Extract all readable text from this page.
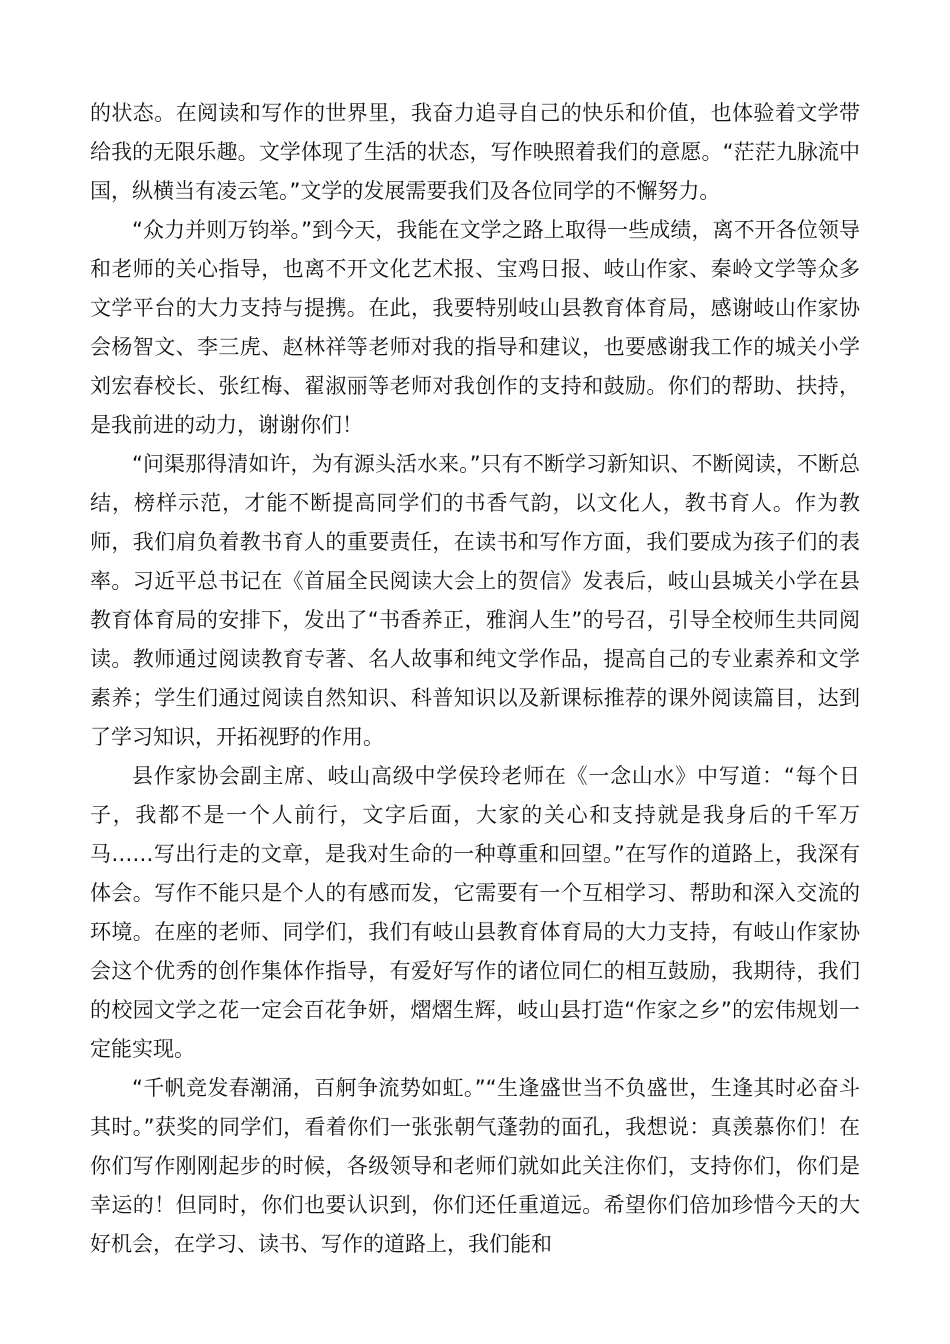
的状态。在阅读和写作的世界里，我奋力追寻自己的快乐和价值，也体验着文学带给我的无限乐趣。文学体现了生活的状态，写作映照着我们的意愿。“茫茫九脉流中国，纵横当有凌云笔。”文学的发展需要我们及各位同学的不懈努力。

“众力并则万钧举。”到今天，我能在文学之路上取得一些成绩，离不开各位领导和老师的关心指导，也离不开文化艺术报、宝鸡日报、岐山作家、秦岭文学等众多文学平台的大力支持与提携。在此，我要特别岐山县教育体育局，感谢岐山作家协会杨智文、李三虎、赵林祥等老师对我的指导和建议，也要感谢我工作的城关小学刘宏春校长、张红梅、翟淑丽等老师对我创作的支持和鼓励。你们的帮助、扶持，是我前进的动力，谢谢你们！

“问渠那得清如许，为有源头活水来。”只有不断学习新知识、不断阅读，不断总结，榜样示范，才能不断提高同学们的书香气韵，以文化人，教书育人。作为教师，我们肩负着教书育人的重要责任，在读书和写作方面，我们要成为孩子们的表率。习近平总书记在《首届全民阅读大会上的贺信》发表后，岐山县城关小学在县教育体育局的安排下，发出了“书香养正，雅润人生”的号召，引导全校师生共同阅读。教师通过阅读教育专著、名人故事和纯文学作品，提高自己的专业素养和文学素养；学生们通过阅读自然知识、科普知识以及新课标推荐的课外阅读篇目，达到了学习知识，开拓视野的作用。

县作家协会副主席、岐山高级中学侯玲老师在《一念山水》中写道：“每个日子，我都不是一个人前行，文字后面，大家的关心和支持就是我身后的千军万马……写出行走的文章，是我对生命的一种尊重和回望。”在写作的道路上，我深有体会。写作不能只是个人的有感而发，它需要有一个互相学习、帮助和深入交流的环境。在座的老师、同学们，我们有岐山县教育体育局的大力支持，有岐山作家协会这个优秀的创作集体作指导，有爱好写作的诸位同仁的相互鼓励，我期待，我们的校园文学之花一定会百花争妍，熠熠生辉，岐山县打造“作家之乡”的宏伟规划一定能实现。

“千帆竞发春潮涌，百舸争流势如虹。”“生逢盛世当不负盛世，生逢其时必奋斗其时。”获奖的同学们，看着你们一张张朝气蓬勃的面孔，我想说：真羡慕你们！在你们写作刚刚起步的时候，各级领导和老师们就如此关注你们，支持你们，你们是幸运的！但同时，你们也要认识到，你们还任重道远。希望你们倍加珍惜今天的大好机会，在学习、读书、写作的道路上，我们能和
